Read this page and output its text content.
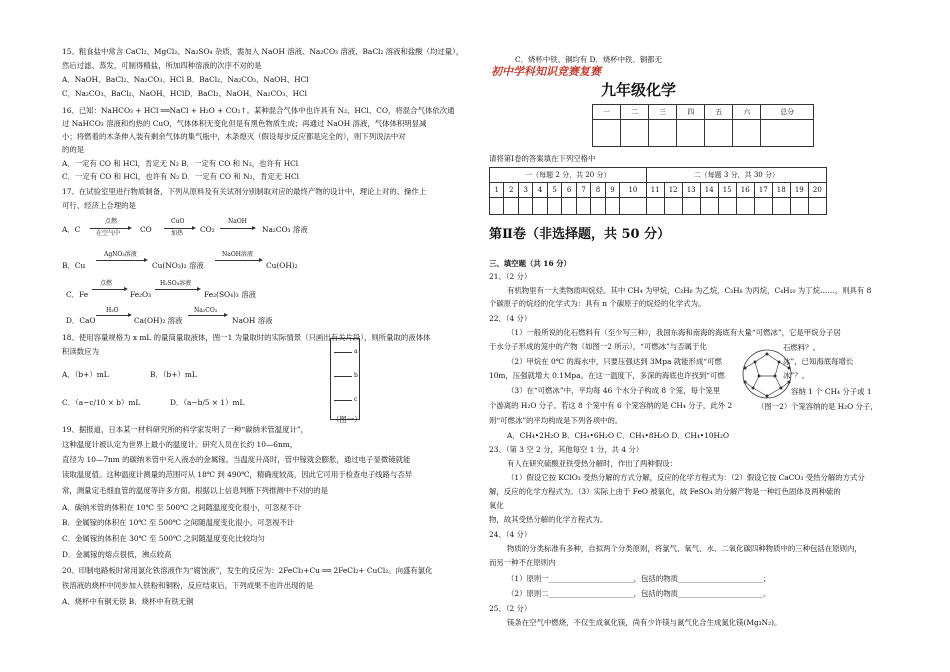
15、粗食盐中常含 CaCl₂、MgCl₂、Na₂SO₄ 杂质，需加入 NaOH 溶液、Na₂CO₃ 溶液、BaCl₂ 溶液和盐酸（均过量），
然后过滤、蒸发，可制得精盐，所加四种溶液的次序不对的是
A．NaOH、BaCl₂、Na₂CO₃、HCl B．BaCl₂、Na₂CO₃、NaOH、HCl
C．Na₂CO₃、BaCl₂、NaOH、HClD．BaCl₂、NaOH、Na₂CO₃、HCl
16、已知：NaHCO₃ + HCl ══NaCl + H₂O + CO₂↑。某种混合气体中也许具有 N₂、HCl、CO，将混合气体依次通
过 NaHCO₃ 溶液和灼热的 CuO，气体体积无变化但是有黑色物质生成；再通过 NaOH 溶液，气体体积明显减
小；将燃着的木条伸入装有剩余气体的集气瓶中，木条熄灭（假设每步反应都是完全的），则下列说法中对
的的是
A．一定有 CO 和 HCl，肯定无 N₂ B．一定有 CO 和 N₂，也许有 HCl
C．一定有 CO 和 HCl，也许有 N₂ D．一定有 CO 和 N₂，肯定无 HCl
17、在试验室里进行物质制备，下列从原料及有关试剂分别制取对应的最终产物的设计中，理论上对的、操作上
可行、经济上合理的是
A．C
点燃
在空气中	CO
CuO
加热 CO₂
NaOH
Na₂CO₃ 溶液
B．Cu
AgNO₃溶液
Cu(NO₃)₂ 溶液
NaOH溶液
Cu(OH)₂
C．Fe
点燃
Fe₂O₃
H₂SO₄溶液
Fe₂(SO₄)₃ 溶液
D．CaO
H₂O
Ca(OH)₂ 溶液
Na₂CO₃
NaOH 溶液
18、使用容量规格为 x mL 的量筒量取液体，图一1 为量取时的实际情景（只画出有关片段），则所量取的液体体
积读数应为
A．（b+）mL	B．（b+）mL
C．（a−c/10 × b）mL	D．（a−b/5 × 1）mL
a
b
c
（图一）
19、据报道，日本某一材料研究所的科学家发明了一种“碳纳米管温度计”，
这种温度计被认定为世界上最小的温度计。研究人员在长约 10—6nm，
直径为 10—7nm 的碳纳米管中充入液态的金属镓。当温度升高时，管中镓就会膨胀，通过电子显微镜就能
读取温度值。这种温度计测量的范围可从 18℃ 到 490℃，精确度较高，因此它可用于检查电子线路与否异
常，测量定毛细血管的温度等许多方面。根据以上信息判断下列推测中不对的的是
A．碳纳米管的体积在 10℃ 至 500℃ 之间随温度变化很小，可忽视不计
B．金属镓的体积在 10℃ 至 500℃ 之间随温度变化很小，可忽视不计
C．金属镓的体积在 30℃ 至 500℃ 之间随温度变化比较均匀
D．金属镓的熔点很低，沸点较高
20、印制电路板时常用氯化铁溶液作为“腐蚀液”，发生的反应为：2FeCl₃+Cu ══ 2FeCl₂+ CuCl₂。向盛有氯化
铁溶液的烧杯中同步加入铁粉和铜粉，反应结束后，下列成果不也许出现的是
A．烧杯中有铜无铁 B．烧杯中有铁无铜
C．烧杯中铁、铜均有 D．烧杯中铁、铜都无
初中学科知识竞赛复赛
九年级化学
一	二	三	四	五	六	总分

请将第Ⅰ卷的答案填在下列空格中
一（每题 2 分，共 20 分）										二（每题 3 分，共 30 分）									
1	2	3	4	5	6	7	8	9	10	11	12	13	14	15	16	17	18	19	20

第Ⅱ卷（非选择题，共 50 分）
三、填空题（共 16 分）
21、（2 分）
有机物里有一大类物质叫烷烃。其中 CH₄ 为甲烷，C₂H₆ 为乙烷，C₃H₈ 为丙烷，C₄H₁₀ 为丁烷……，则具有 8
个碳原子的烷烃的化学式为：具有 n 个碳原子的烷烃的化学式为。
22、（4 分）
（1）一般所说的化石燃料有（至少写三种），我国东海和南海的海底有大量“可燃冰”，它是甲烷分子居
于水分子形成的笼中的产物（如图一2 所示），“可燃冰”与否属于化	石燃料？。
（2）甲烷在 0℃ 的海水中，只要压强达到 3Mpa 就能形成“可燃	冰”，已知海底每增长
10m，压强就增大 0.1Mpa。在这一温度下，多深的海底也许找到“可燃	冰”？。
（3）在“可燃冰”中，平均每 46 个水分子构成 8 个笼，每个笼里	容纳 1 个 CH₄ 分子或 1
个游离的 H₂O 分子。若这 8 个笼中有 6 个笼容纳的是 CH₄ 分子，此外 2	个笼容纳的是 H₂O 分子，
则“可燃冰”的平均构成是下列各项中的。
A．CH₄•2H₂O B．CH₄•6H₂O C．CH₄•8H₂O D．CH₄•10H₂O
（图一2）
23、（第 3 空 2 分，其他每空 1 分，共 4 分）
有人在研究硫酸亚铁受热分解时，作出了两种假设：
（1）假设它按 KClO₃ 受热分解的方式分解，反应的化学方程式为：（2）假设它按 CaCO₃ 受热分解的方式分
解，反应的化学方程式为。（3）实际上由于 FeO 被氧化，故 FeSO₄ 的分解产物是一种红色固体及两种硫的
氧化
物，故其受热分解的化学方程式为。
24、（4 分）
物质的分类标准有多种，自拟两个分类原则，将氯气、氧气、水、二氧化碳四种物质中的三种包括在原则内，
而另一种不在原则内
（1）原则一_______________________，包括的物质_______________________；
（2）原则二_______________________，包括的物质_______________________。
25、（2 分）
镁条在空气中燃烧，不仅生成氧化镁，尚有少许镁与氮气化合生成氮化镁(Mg₃N₂)。
